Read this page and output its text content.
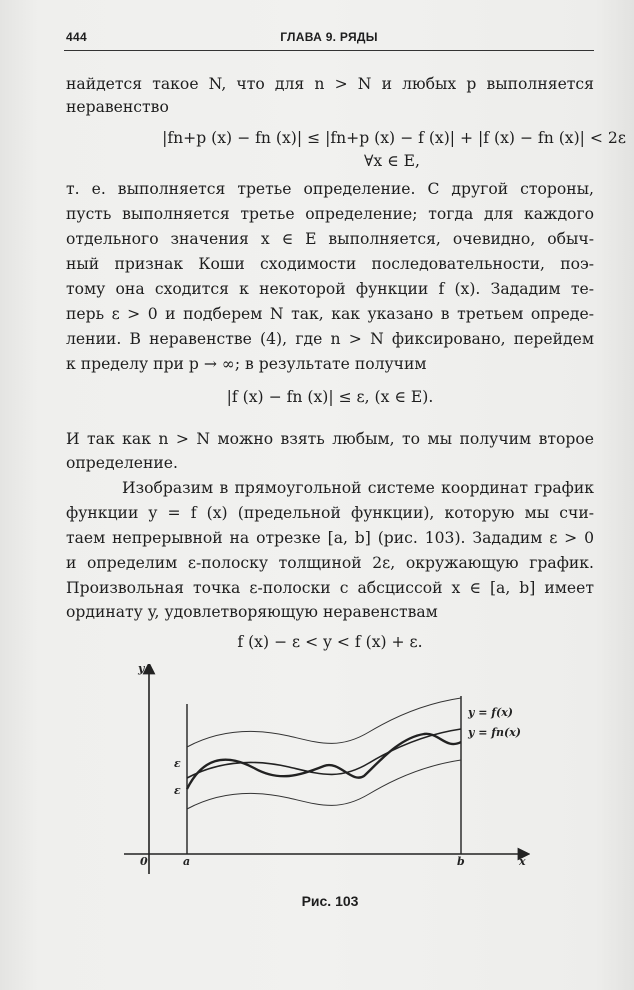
444	ГЛАВА 9. РЯДЫ

найдется такое N, что для n > N и любых p выполняется

неравенство

|fn+p (x) − fn (x)| ≤ |fn+p (x) − f (x)| + |f (x) − fn (x)| < 2ε

∀x ∈ E,

т. е. выполняется третье определение. С другой стороны,

пусть выполняется третье определение; тогда для каждого

отдельного значения x ∈ E выполняется, очевидно, обыч-

ный признак Коши сходимости последовательности, поэ-

тому она сходится к некоторой функции f (x). Зададим те-

перь ε > 0 и подберем N так, как указано в третьем опреде-

лении. В неравенстве (4), где n > N фиксировано, перейдем

к пределу при p → ∞; в результате получим

|f (x) − fn (x)| ≤ ε, (x ∈ E).

И так как n > N можно взять любым, то мы получим второе

определение.

Изобразим в прямоугольной системе координат график

функции y = f (x) (предельной функции), которую мы счи-

таем непрерывной на отрезке [a, b] (рис. 103). Зададим ε > 0

и определим ε-полоску толщиной 2ε, окружающую график.

Произвольная точка ε-полоски с абсциссой x ∈ [a, b] имеет

ординату y, удовлетворяющую неравенствам

f (x) − ε < y < f (x) + ε.

y
x
0	a	b
ε
ε
y = f(x)
y = fn(x)
Рис. 103
